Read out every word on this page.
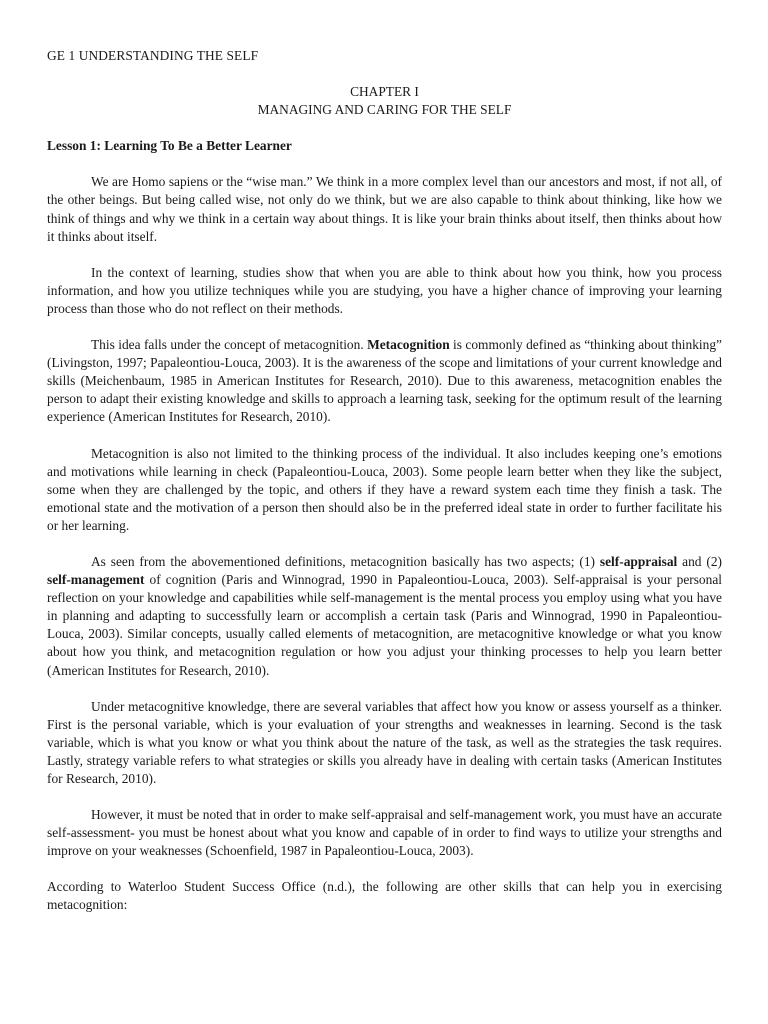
GE 1 UNDERSTANDING THE SELF
CHAPTER I
MANAGING AND CARING FOR THE SELF
Lesson 1: Learning To Be a Better Learner

We are Homo sapiens or the “wise man.” We think in a more complex level than our ancestors and most, if not all, of the other beings. But being called wise, not only do we think, but we are also capable to think about thinking, like how we think of things and why we think in a certain way about things. It is like your brain thinks about itself, then thinks about how it thinks about itself.

In the context of learning, studies show that when you are able to think about how you think, how you process information, and how you utilize techniques while you are studying, you have a higher chance of improving your learning process than those who do not reflect on their methods.

This idea falls under the concept of metacognition. Metacognition is commonly defined as “thinking about thinking” (Livingston, 1997; Papaleontiou-Louca, 2003). It is the awareness of the scope and limitations of your current knowledge and skills (Meichenbaum, 1985 in American Institutes for Research, 2010). Due to this awareness, metacognition enables the person to adapt their existing knowledge and skills to approach a learning task, seeking for the optimum result of the learning experience (American Institutes for Research, 2010).

Metacognition is also not limited to the thinking process of the individual. It also includes keeping one’s emotions and motivations while learning in check (Papaleontiou-Louca, 2003). Some people learn better when they like the subject, some when they are challenged by the topic, and others if they have a reward system each time they finish a task. The emotional state and the motivation of a person then should also be in the preferred ideal state in order to further facilitate his or her learning.

As seen from the abovementioned definitions, metacognition basically has two aspects; (1) self-appraisal and (2) self-management of cognition (Paris and Winnograd, 1990 in Papaleontiou-Louca, 2003). Self-appraisal is your personal reflection on your knowledge and capabilities while self-management is the mental process you employ using what you have in planning and adapting to successfully learn or accomplish a certain task (Paris and Winnograd, 1990 in Papaleontiou-Louca, 2003). Similar concepts, usually called elements of metacognition, are metacognitive knowledge or what you know about how you think, and metacognition regulation or how you adjust your thinking processes to help you learn better (American Institutes for Research, 2010).

Under metacognitive knowledge, there are several variables that affect how you know or assess yourself as a thinker. First is the personal variable, which is your evaluation of your strengths and weaknesses in learning. Second is the task variable, which is what you know or what you think about the nature of the task, as well as the strategies the task requires. Lastly, strategy variable refers to what strategies or skills you already have in dealing with certain tasks (American Institutes for Research, 2010).

However, it must be noted that in order to make self-appraisal and self-management work, you must have an accurate self-assessment- you must be honest about what you know and capable of in order to find ways to utilize your strengths and improve on your weaknesses (Schoenfield, 1987 in Papaleontiou-Louca, 2003).

According to Waterloo Student Success Office (n.d.), the following are other skills that can help you in exercising metacognition:
